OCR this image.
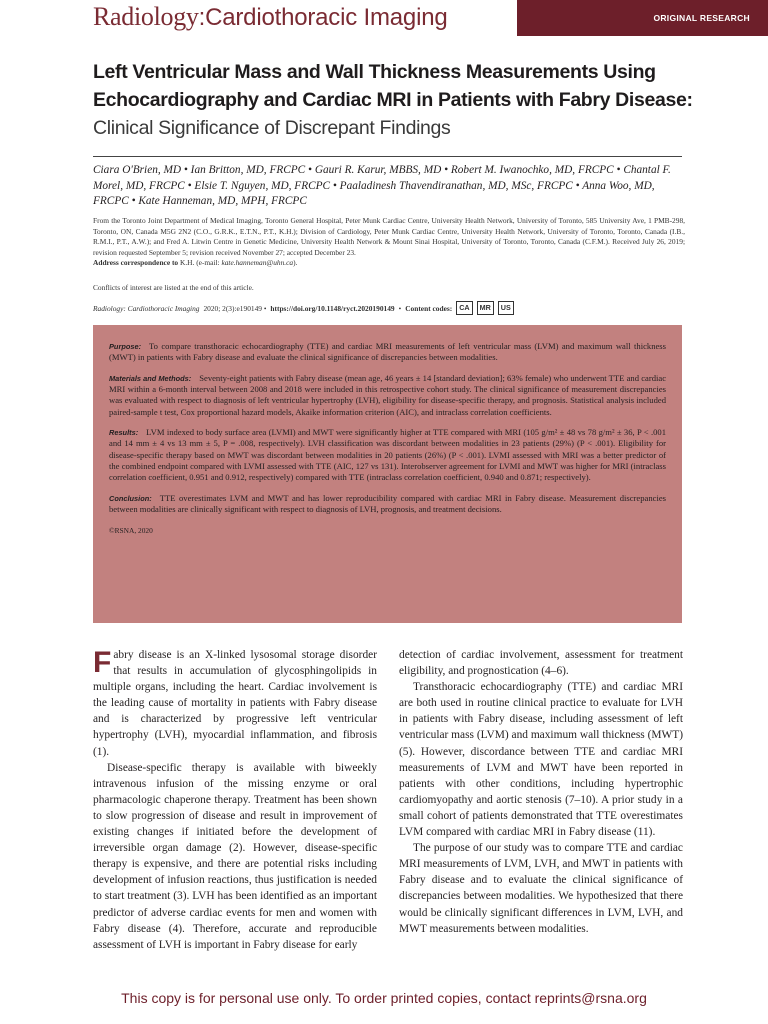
Radiology :Cardiothoracic Imaging	ORIGINAL RESEARCH
Left Ventricular Mass and Wall Thickness Measurements Using Echocardiography and Cardiac MRI in Patients with Fabry Disease: Clinical Significance of Discrepant Findings
Ciara O'Brien, MD • Ian Britton, MD, FRCPC • Gauri R. Karur, MBBS, MD • Robert M. Iwanochko, MD, FRCPC • Chantal F. Morel, MD, FRCPC • Elsie T. Nguyen, MD, FRCPC • Paaladinesh Thavendiranathan, MD, MSc, FRCPC • Anna Woo, MD, FRCPC • Kate Hanneman, MD, MPH, FRCPC
From the Toronto Joint Department of Medical Imaging, Toronto General Hospital, Peter Munk Cardiac Centre, University Health Network, University of Toronto, 585 University Ave, 1 PMB-298, Toronto, ON, Canada M5G 2N2 (C.O., G.R.K., E.T.N., P.T., K.H.); Division of Cardiology, Peter Munk Cardiac Centre, University Health Network, University of Toronto, Toronto, Canada (I.B., R.M.I., P.T., A.W.); and Fred A. Litwin Centre in Genetic Medicine, University Health Network & Mount Sinai Hospital, University of Toronto, Toronto, Canada (C.F.M.). Received July 26, 2019; revision requested September 5; revision received November 27; accepted December 23.
Address correspondence to K.H. (e-mail: kate.hanneman@uhn.ca).
Conflicts of interest are listed at the end of this article.
Radiology: Cardiothoracic Imaging 2020; 2(3):e190149 • https://doi.org/10.1148/ryct.2020190149 • Content codes: CA	MR	US

Purpose: To compare transthoracic echocardiography (TTE) and cardiac MRI measurements of left ventricular mass (LVM) and maximum wall thickness (MWT) in patients with Fabry disease and evaluate the clinical significance of discrepancies between modalities.

Materials and Methods: Seventy-eight patients with Fabry disease (mean age, 46 years ± 14 [standard deviation]; 63% female) who underwent TTE and cardiac MRI within a 6-month interval between 2008 and 2018 were included in this retrospective cohort study. The clinical significance of measurement discrepancies was evaluated with respect to diagnosis of left ventricular hypertrophy (LVH), eligibility for disease-specific therapy, and prognosis. Statistical analysis included paired-sample t test, Cox proportional hazard models, Akaike information criterion (AIC), and intraclass correlation coefficients.

Results: LVM indexed to body surface area (LVMI) and MWT were significantly higher at TTE compared with MRI (105 g/m² ± 48 vs 78 g/m² ± 36, P < .001 and 14 mm ± 4 vs 13 mm ± 5, P = .008, respectively). LVH classification was discordant between modalities in 23 patients (29%) (P < .001). Eligibility for disease-specific therapy based on MWT was discordant between modalities in 20 patients (26%) (P < .001). LVMI assessed with MRI was a better predictor of the combined endpoint compared with LVMI assessed with TTE (AIC, 127 vs 131). Interobserver agreement for LVMI and MWT was higher for MRI (intraclass correlation coefficient, 0.951 and 0.912, respectively) compared with TTE (intraclass correlation coefficient, 0.940 and 0.871; respectively).

Conclusion: TTE overestimates LVM and MWT and has lower reproducibility compared with cardiac MRI in Fabry disease. Measurement discrepancies between modalities are clinically significant with respect to diagnosis of LVH, prognosis, and treatment decisions.

©RSNA, 2020

Fabry disease is an X-linked lysosomal storage disorder that results in accumulation of glycosphingolipids in multiple organs, including the heart. Cardiac involvement is the leading cause of mortality in patients with Fabry disease and is characterized by progressive left ventricular hypertrophy (LVH), myocardial inflammation, and fibrosis (1).

Disease-specific therapy is available with biweekly intravenous infusion of the missing enzyme or oral pharmacologic chaperone therapy. Treatment has been shown to slow progression of disease and result in improvement of existing changes if initiated before the development of irreversible organ damage (2). However, disease-specific therapy is expensive, and there are potential risks including development of infusion reactions, thus justification is needed to start treatment (3). LVH has been identified as an important predictor of adverse cardiac events for men and women with Fabry disease (4). Therefore, accurate and reproducible assessment of LVH is important in Fabry disease for early

detection of cardiac involvement, assessment for treatment eligibility, and prognostication (4–6).

Transthoracic echocardiography (TTE) and cardiac MRI are both used in routine clinical practice to evaluate for LVH in patients with Fabry disease, including assessment of left ventricular mass (LVM) and maximum wall thickness (MWT) (5). However, discordance between TTE and cardiac MRI measurements of LVM and MWT have been reported in patients with other conditions, including hypertrophic cardiomyopathy and aortic stenosis (7–10). A prior study in a small cohort of patients demonstrated that TTE overestimates LVM compared with cardiac MRI in Fabry disease (11).

The purpose of our study was to compare TTE and cardiac MRI measurements of LVM, LVH, and MWT in patients with Fabry disease and to evaluate the clinical significance of discrepancies between modalities. We hypothesized that there would be clinically significant differences in LVM, LVH, and MWT measurements between modalities.

This copy is for personal use only. To order printed copies, contact reprints@rsna.org
